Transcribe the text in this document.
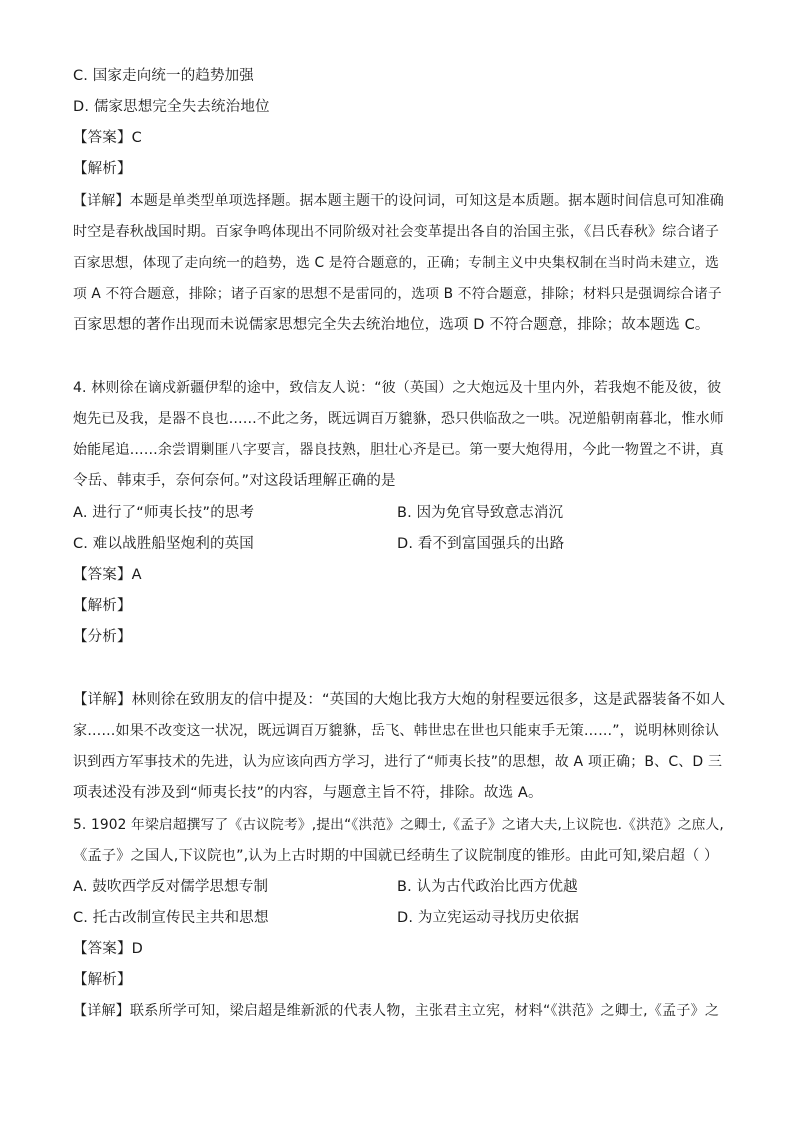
C. 国家走向统一的趋势加强
D. 儒家思想完全失去统治地位
【答案】C
【解析】
【详解】本题是单类型单项选择题。据本题主题干的设问词，可知这是本质题。据本题时间信息可知准确
时空是春秋战国时期。百家争鸣体现出不同阶级对社会变革提出各自的治国主张，《吕氏春秋》综合诸子
百家思想，体现了走向统一的趋势，选 C 是符合题意的，正确；专制主义中央集权制在当时尚未建立，选
项 A 不符合题意，排除；诸子百家的思想不是雷同的，选项 B 不符合题意，排除；材料只是强调综合诸子
百家思想的著作出现而未说儒家思想完全失去统治地位，选项 D 不符合题意，排除；故本题选 C。
4. 林则徐在谪戍新疆伊犁的途中，致信友人说：“彼（英国）之大炮远及十里内外，若我炮不能及彼，彼
炮先已及我，是器不良也……不此之务，既远调百万貔貅，恐只供临敌之一哄。况逆船朝南暮北，惟水师
始能尾追……余尝谓剿匪八字要言，器良技熟，胆壮心齐是已。第一要大炮得用，今此一物置之不讲，真
令岳、韩束手，奈何奈何。”对这段话理解正确的是
A. 进行了“师夷长技”的思考	B. 因为免官导致意志消沉
C. 难以战胜船坚炮利的英国	D. 看不到富国强兵的出路
【答案】A
【解析】
【分析】
【详解】林则徐在致朋友的信中提及：“英国的大炮比我方大炮的射程要远很多，这是武器装备不如人
家……如果不改变这一状况，既远调百万貔貅，岳飞、韩世忠在世也只能束手无策……”，说明林则徐认
识到西方军事技术的先进，认为应该向西方学习，进行了“师夷长技”的思想，故 A 项正确；B、C、D 三
项表述没有涉及到“师夷长技”的内容，与题意主旨不符，排除。故选 A。
5. 1902 年梁启超撰写了《古议院考》,提出“《洪范》之卿士,《孟子》之诸大夫,上议院也.《洪范》之庶人,
《孟子》之国人,下议院也”,认为上古时期的中国就已经萌生了议院制度的锥形。由此可知,梁启超（ ）
A. 鼓吹西学反对儒学思想专制	B. 认为古代政治比西方优越
C. 托古改制宣传民主共和思想	D. 为立宪运动寻找历史依据
【答案】D
【解析】
【详解】联系所学可知，梁启超是维新派的代表人物，主张君主立宪，材料“《洪范》之卿士,《孟子》之
